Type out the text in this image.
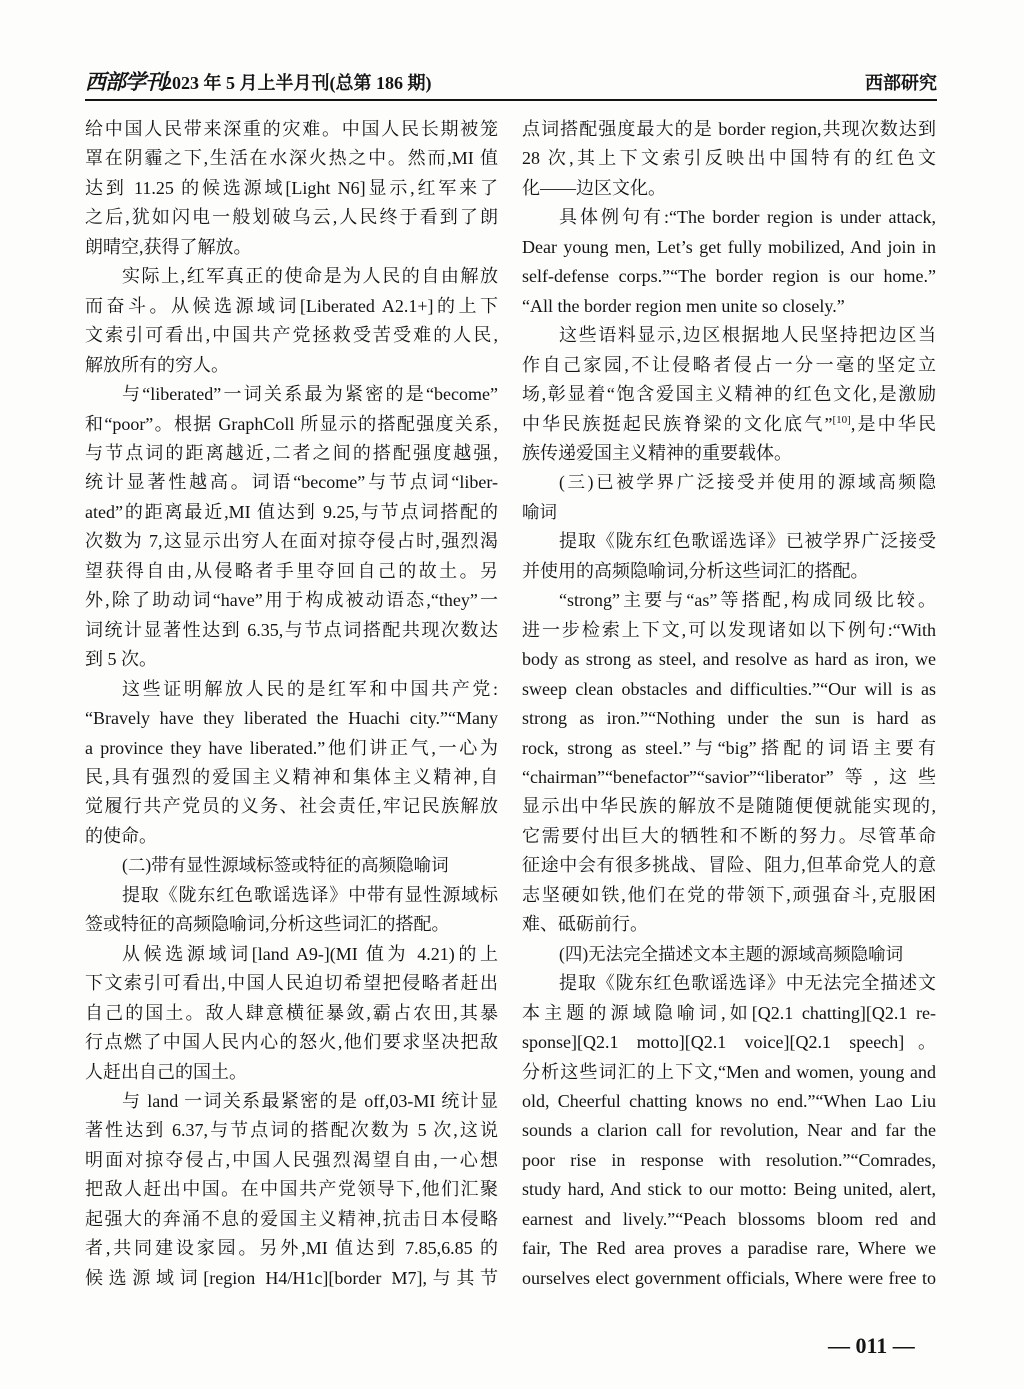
西部学刊
2023 年 5 月上半月刊(总第 186 期)	西部研究
给中国人民带来深重的灾难。中国人民长期被笼
罩在阴霾之下,生活在水深火热之中。然而,MI 值
达到 11.25 的候选源域[Light N6]显示,红军来了
之后,犹如闪电一般划破乌云,人民终于看到了朗
朗晴空,获得了解放。
实际上,红军真正的使命是为人民的自由解放
而奋斗。从候选源域词[Liberated A2.1+]的上下
文索引可看出,中国共产党拯救受苦受难的人民,
解放所有的穷人。
与“liberated”一词关系最为紧密的是“become”
和“poor”。根据 GraphColl 所显示的搭配强度关系,
与节点词的距离越近,二者之间的搭配强度越强,
统计显著性越高。词语“become”与节点词“liber-
ated”的距离最近,MI 值达到 9.25,与节点词搭配的
次数为 7,这显示出穷人在面对掠夺侵占时,强烈渴
望获得自由,从侵略者手里夺回自己的故土。另
外,除了助动词“have”用于构成被动语态,“they”一
词统计显著性达到 6.35,与节点词搭配共现次数达
到 5 次。
这些证明解放人民的是红军和中国共产党:
“Bravely have they liberated the Huachi city.”“Many
a province they have liberated.”他们讲正气,一心为
民,具有强烈的爱国主义精神和集体主义精神,自
觉履行共产党员的义务、社会责任,牢记民族解放
的使命。
(二)带有显性源域标签或特征的高频隐喻词
提取《陇东红色歌谣选译》中带有显性源域标
签或特征的高频隐喻词,分析这些词汇的搭配。
从候选源域词[land A9-](MI 值为 4.21)的上
下文索引可看出,中国人民迫切希望把侵略者赶出
自己的国土。敌人肆意横征暴敛,霸占农田,其暴
行点燃了中国人民内心的怒火,他们要求坚决把敌
人赶出自己的国土。
与 land 一词关系最紧密的是 off,03-MI 统计显
著性达到 6.37,与节点词的搭配次数为 5 次,这说
明面对掠夺侵占,中国人民强烈渴望自由,一心想
把敌人赶出中国。在中国共产党领导下,他们汇聚
起强大的奔涌不息的爱国主义精神,抗击日本侵略
者,共同建设家园。另外,MI 值达到 7.85,6.85 的
候选源域词[region H4/H1c][border M7],与其节
点词搭配强度最大的是 border region,共现次数达到
28 次,其上下文索引反映出中国特有的红色文
化——边区文化。
具体例句有:“The border region is under attack,
Dear young men, Let’s get fully mobilized, And join in
self-defense corps.”“The border region is our home.”
“All the border region men unite so closely.”
这些语料显示,边区根据地人民坚持把边区当
作自己家园,不让侵略者侵占一分一毫的坚定立
场,彰显着“饱含爱国主义精神的红色文化,是激励
中华民族挺起民族脊梁的文化底气”[10],是中华民
族传递爱国主义精神的重要载体。
(三)已被学界广泛接受并使用的源域高频隐
喻词
提取《陇东红色歌谣选译》已被学界广泛接受
并使用的高频隐喻词,分析这些词汇的搭配。
“strong”主要与“as”等搭配,构成同级比较。
进一步检索上下文,可以发现诸如以下例句:“With
body as strong as steel, and resolve as hard as iron, we
sweep clean obstacles and difficulties.”“Our will is as
strong as iron.”“Nothing under the sun is hard as
rock, strong as steel.”与“big”搭配的词语主要有
“chairman”“benefactor”“savior”“liberator”等,这些
显示出中华民族的解放不是随随便便就能实现的,
它需要付出巨大的牺牲和不断的努力。尽管革命
征途中会有很多挑战、冒险、阻力,但革命党人的意
志坚硬如铁,他们在党的带领下,顽强奋斗,克服困
难、砥砺前行。
(四)无法完全描述文本主题的源域高频隐喻词
提取《陇东红色歌谣选译》中无法完全描述文
本主题的源域隐喻词,如[Q2.1 chatting][Q2.1 re-
sponse][Q2.1 motto][Q2.1 voice][Q2.1 speech]。
分析这些词汇的上下文,“Men and women, young and
old, Cheerful chatting knows no end.”“When Lao Liu
sounds a clarion call for revolution, Near and far the
poor rise in response with resolution.”“Comrades,
study hard, And stick to our motto: Being united, alert,
earnest and lively.”“Peach blossoms bloom red and
fair, The Red area proves a paradise rare, Where we
ourselves elect government officials, Where were free to
— 011 —
